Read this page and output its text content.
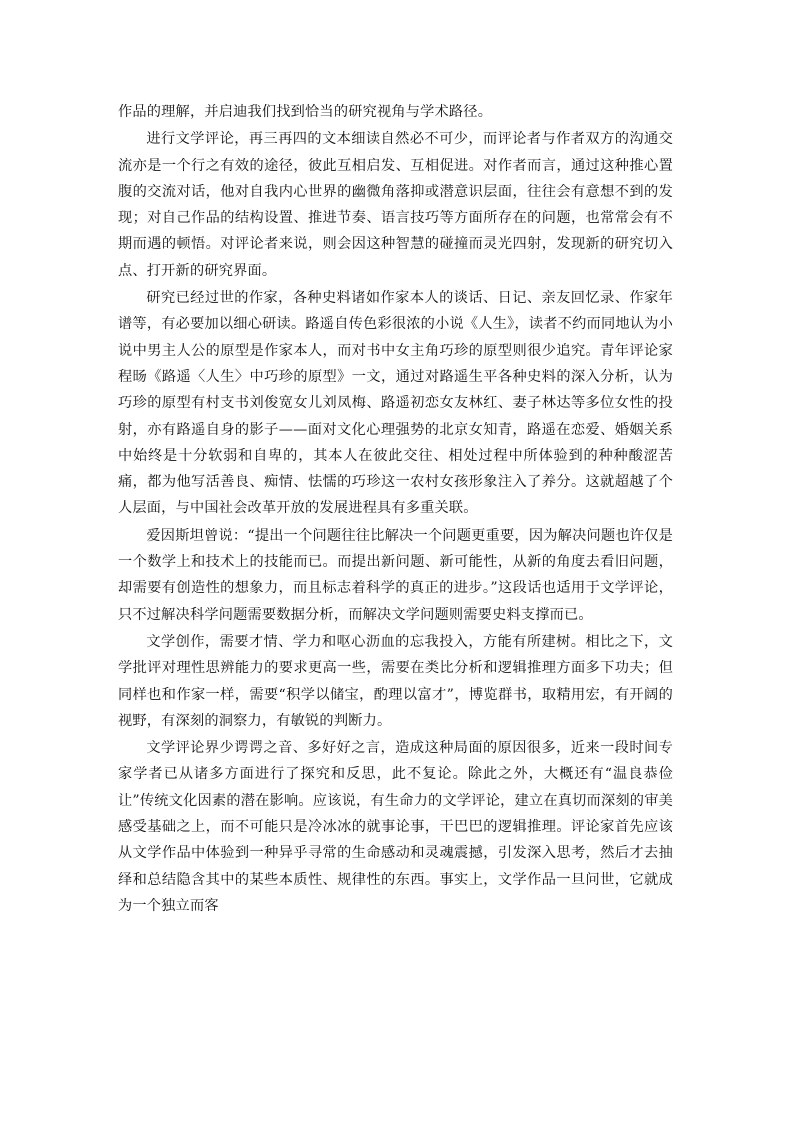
作品的理解，并启迪我们找到恰当的研究视角与学术路径。

进行文学评论，再三再四的文本细读自然必不可少，而评论者与作者双方的沟通交流亦是一个行之有效的途径，彼此互相启发、互相促进。对作者而言，通过这种推心置腹的交流对话，他对自我内心世界的幽微角落抑或潜意识层面，往往会有意想不到的发现；对自己作品的结构设置、推进节奏、语言技巧等方面所存在的问题，也常常会有不期而遇的顿悟。对评论者来说，则会因这种智慧的碰撞而灵光四射，发现新的研究切入点、打开新的研究界面。

研究已经过世的作家，各种史料诸如作家本人的谈话、日记、亲友回忆录、作家年谱等，有必要加以细心研读。路遥自传色彩很浓的小说《人生》，读者不约而同地认为小说中男主人公的原型是作家本人，而对书中女主角巧珍的原型则很少追究。青年评论家程旸《路遥〈人生〉中巧珍的原型》一文，通过对路遥生平各种史料的深入分析，认为巧珍的原型有村支书刘俊宽女儿刘凤梅、路遥初恋女友林红、妻子林达等多位女性的投射，亦有路遥自身的影子——面对文化心理强势的北京女知青，路遥在恋爱、婚姻关系中始终是十分软弱和自卑的，其本人在彼此交往、相处过程中所体验到的种种酸涩苦痛，都为他写活善良、痴情、怯懦的巧珍这一农村女孩形象注入了养分。这就超越了个人层面，与中国社会改革开放的发展进程具有多重关联。

爱因斯坦曾说：“提出一个问题往往比解决一个问题更重要，因为解决问题也许仅是一个数学上和技术上的技能而已。而提出新问题、新可能性，从新的角度去看旧问题，却需要有创造性的想象力，而且标志着科学的真正的进步。”这段话也适用于文学评论，只不过解决科学问题需要数据分析，而解决文学问题则需要史料支撑而已。

文学创作，需要才情、学力和呕心沥血的忘我投入，方能有所建树。相比之下，文学批评对理性思辨能力的要求更高一些，需要在类比分析和逻辑推理方面多下功夫；但同样也和作家一样，需要“积学以储宝，酌理以富才”，博览群书，取精用宏，有开阔的视野，有深刻的洞察力，有敏锐的判断力。

文学评论界少谔谔之音、多好好之言，造成这种局面的原因很多，近来一段时间专家学者已从诸多方面进行了探究和反思，此不复论。除此之外，大概还有“温良恭俭让”传统文化因素的潜在影响。应该说，有生命力的文学评论，建立在真切而深刻的审美感受基础之上，而不可能只是冷冰冰的就事论事，干巴巴的逻辑推理。评论家首先应该从文学作品中体验到一种异乎寻常的生命感动和灵魂震撼，引发深入思考，然后才去抽绎和总结隐含其中的某些本质性、规律性的东西。事实上，文学作品一旦问世，它就成为一个独立而客
